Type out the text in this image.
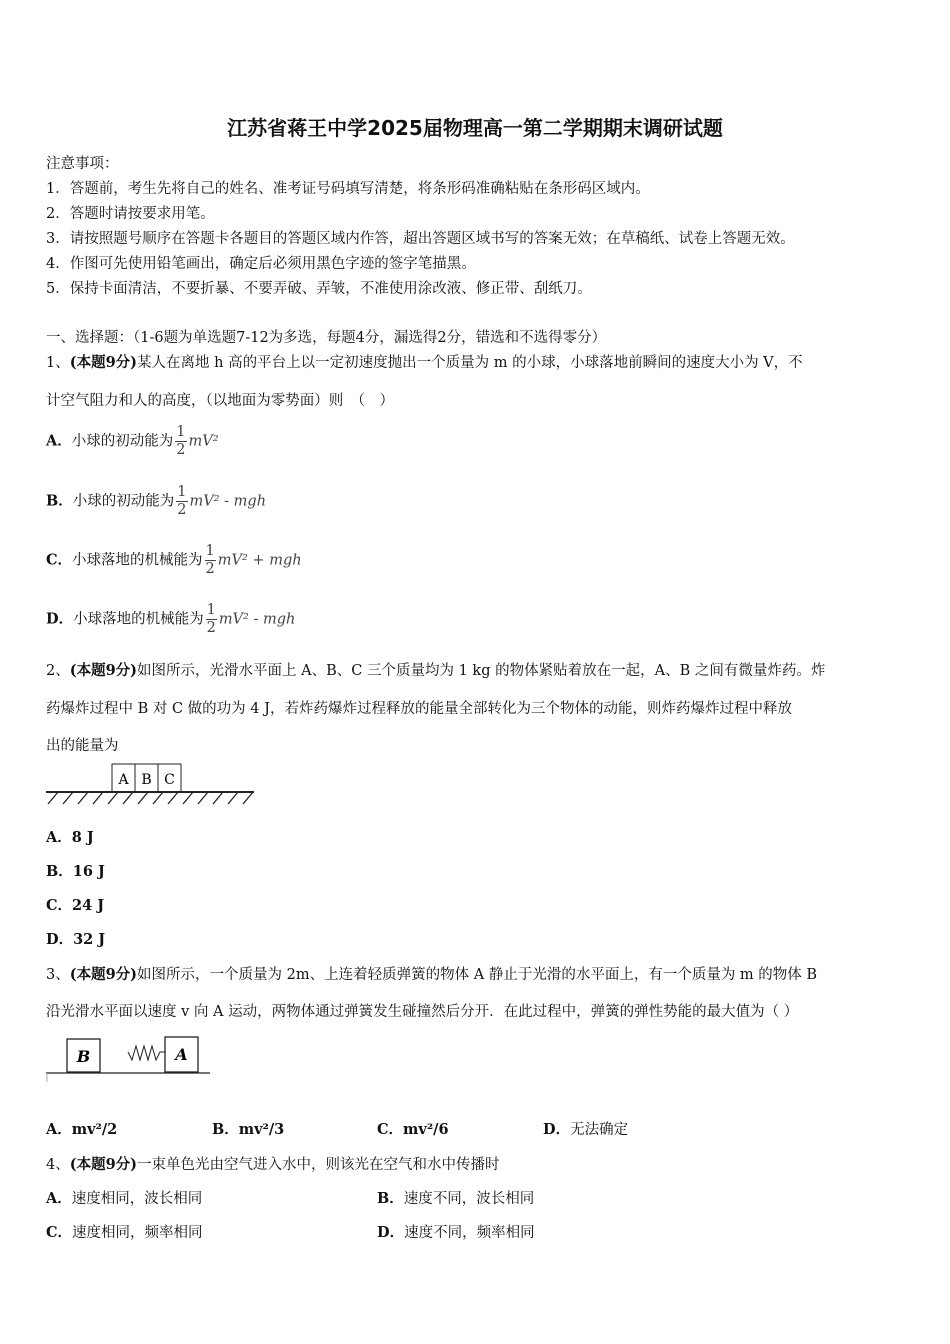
江苏省蒋王中学2025届物理高一第二学期期末调研试题
注意事项：
1．答题前，考生先将自己的姓名、准考证号码填写清楚，将条形码准确粘贴在条形码区域内。
2．答题时请按要求用笔。
3．请按照题号顺序在答题卡各题目的答题区域内作答，超出答题区域书写的答案无效；在草稿纸、试卷上答题无效。
4．作图可先使用铅笔画出，确定后必须用黑色字迹的签字笔描黑。
5．保持卡面清洁，不要折暴、不要弄破、弄皱，不准使用涂改液、修正带、刮纸刀。
一、选择题：（1-6题为单选题7-12为多选，每题4分，漏选得2分，错选和不选得零分）
1、(本题9分)某人在离地 h 高的平台上以一定初速度抛出一个质量为 m 的小球，小球落地前瞬间的速度大小为 V，不
计空气阻力和人的高度，（以地面为零势面）则　（　）
A．小球的初动能为 $\frac{1}{2} mV^2$
B．小球的初动能为 $\frac{1}{2} mV^2$ - mgh
C．小球落地的机械能为 $\frac{1}{2} mV^2$ + mgh
D．小球落地的机械能为 $\frac{1}{2} mV^2$ - mgh
2、(本题9分)如图所示，光滑水平面上 A、B、C 三个质量均为 1 kg 的物体紧贴着放在一起，A、B 之间有微量炸药。炸
药爆炸过程中 B 对 C 做的功为 4 J，若炸药爆炸过程释放的能量全部转化为三个物体的动能，则炸药爆炸过程中释放
出的能量为
A B C
A．8 J
B．16 J
C．24 J
D．32 J
3、(本题9分)如图所示，一个质量为 2m、上连着轻质弹簧的物体 A 静止于光滑的水平面上，有一个质量为 m 的物体 B
沿光滑水平面以速度 v 向 A 运动，两物体通过弹簧发生碰撞然后分开．在此过程中，弹簧的弹性势能的最大值为（ ）
B	A
A．mv²/2	B．mv²/3	C．mv²/6	D．无法确定
4、(本题9分)一束单色光由空气进入水中，则该光在空气和水中传播时
A．速度相同，波长相同	B．速度不同，波长相同
C．速度相同，频率相同	D．速度不同，频率相同
